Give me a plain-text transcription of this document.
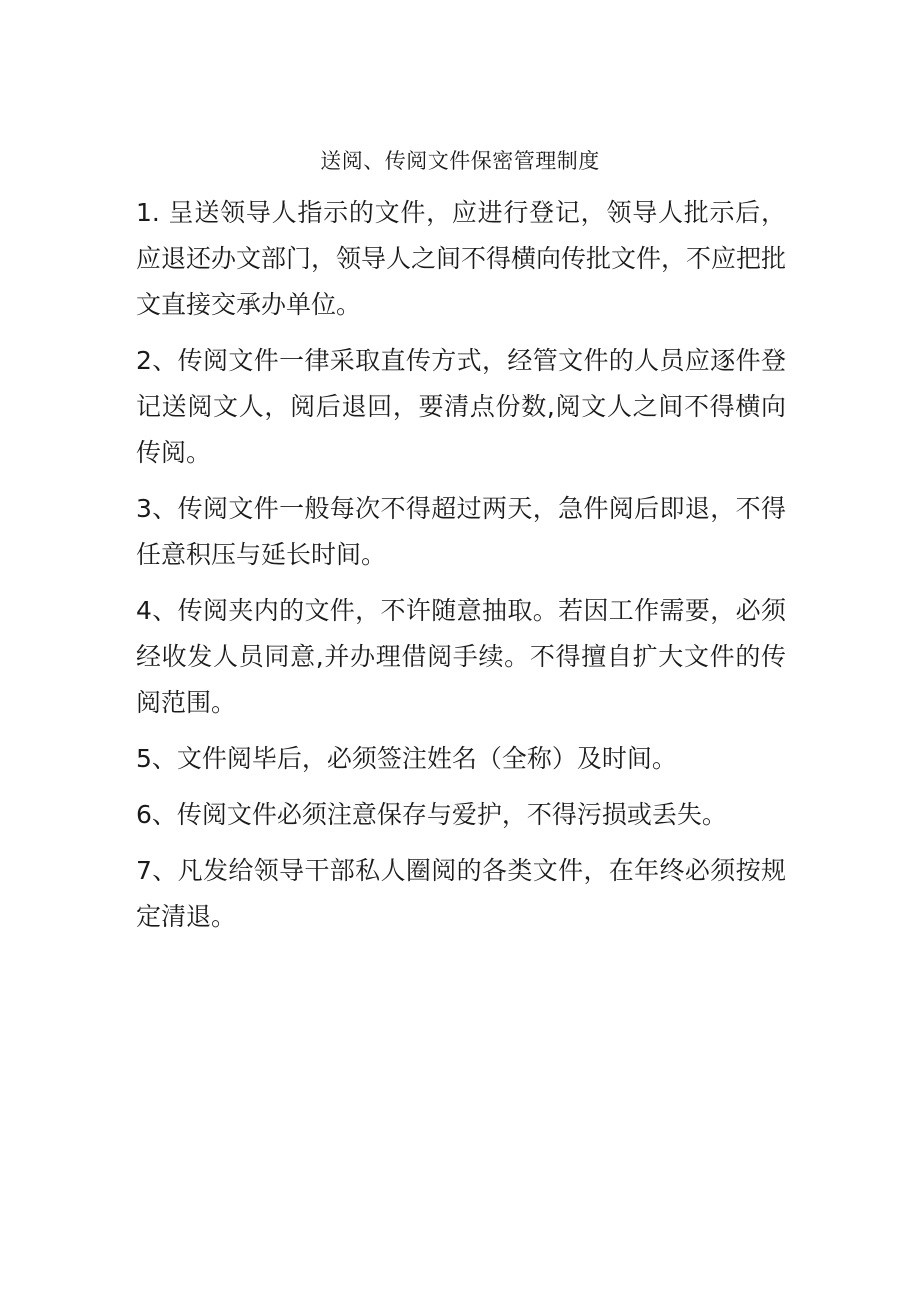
送阅、传阅文件保密管理制度
1. 呈送领导人指示的文件，应进行登记，领导人批示后，应退还办文部门，领导人之间不得横向传批文件，不应把批文直接交承办单位。
2、传阅文件一律采取直传方式，经管文件的人员应逐件登记送阅文人，阅后退回，要清点份数,阅文人之间不得横向传阅。
3、传阅文件一般每次不得超过两天，急件阅后即退，不得任意积压与延长时间。
4、传阅夹内的文件，不许随意抽取。若因工作需要，必须经收发人员同意,并办理借阅手续。不得擅自扩大文件的传阅范围。
5、文件阅毕后，必须签注姓名（全称）及时间。
6、传阅文件必须注意保存与爱护，不得污损或丢失。
7、凡发给领导干部私人圈阅的各类文件，在年终必须按规定清退。
